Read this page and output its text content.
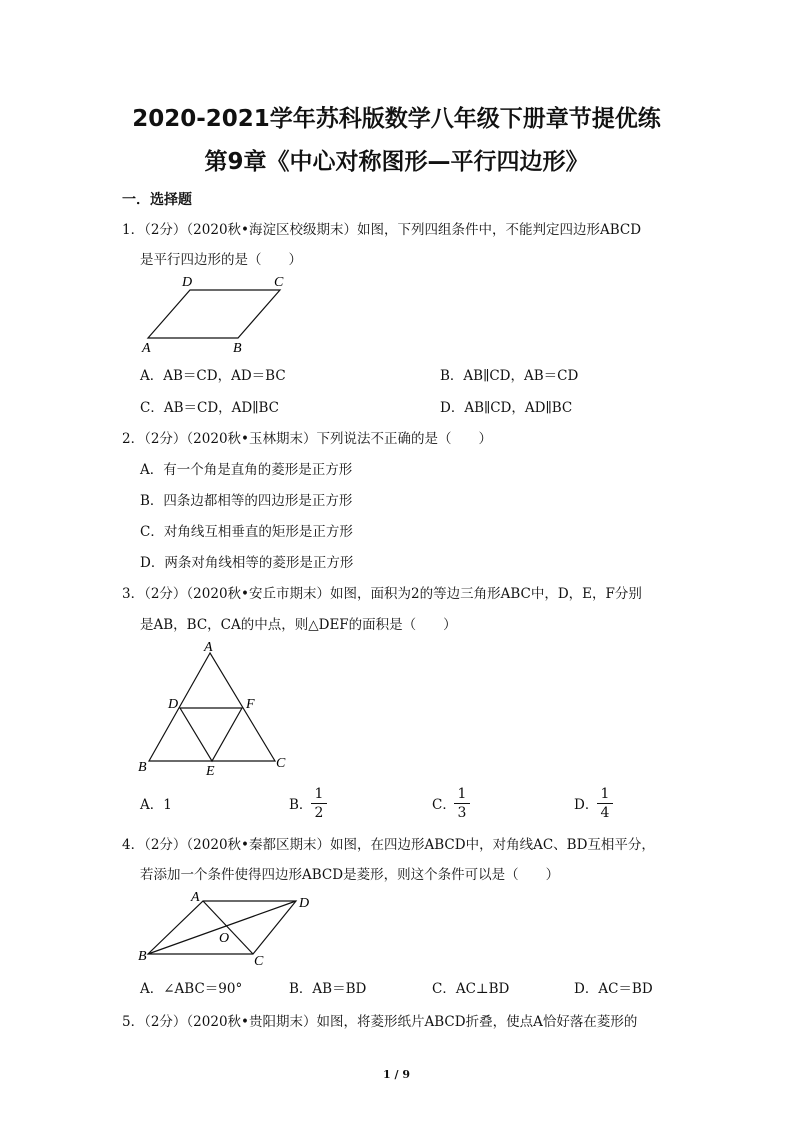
2020-2021学年苏科版数学八年级下册章节提优练
第9章《中心对称图形—平行四边形》
一．选择题
1．（2分）（2020秋•海淀区校级期末）如图，下列四组条件中，不能判定四边形ABCD
是平行四边形的是（　　）
D	C
A	B
A．AB＝CD，AD＝BC	B．AB∥CD，AB＝CD
C．AB＝CD，AD∥BC	D．AB∥CD，AD∥BC
2．（2分）（2020秋•玉林期末）下列说法不正确的是（　　）
A．有一个角是直角的菱形是正方形
B．四条边都相等的四边形是正方形
C．对角线互相垂直的矩形是正方形
D．两条对角线相等的菱形是正方形
3．（2分）（2020秋•安丘市期末）如图，面积为2的等边三角形ABC中，D，E，F分别
是AB，BC，CA的中点，则△DEF的面积是（　　）
A
D	F
B	E
C
A．1	B．
1
2	C．
1
3	D．
1
4
4．（2分）（2020秋•秦都区期末）如图，在四边形ABCD中，对角线AC、BD互相平分，
若添加一个条件使得四边形ABCD是菱形，则这个条件可以是（　　）
A	D
O
B	C
A．∠ABC＝90°	B．AB＝BD	C．AC⊥BD	D．AC＝BD
5．（2分）（2020秋•贵阳期末）如图，将菱形纸片ABCD折叠，使点A恰好落在菱形的
1 / 9
